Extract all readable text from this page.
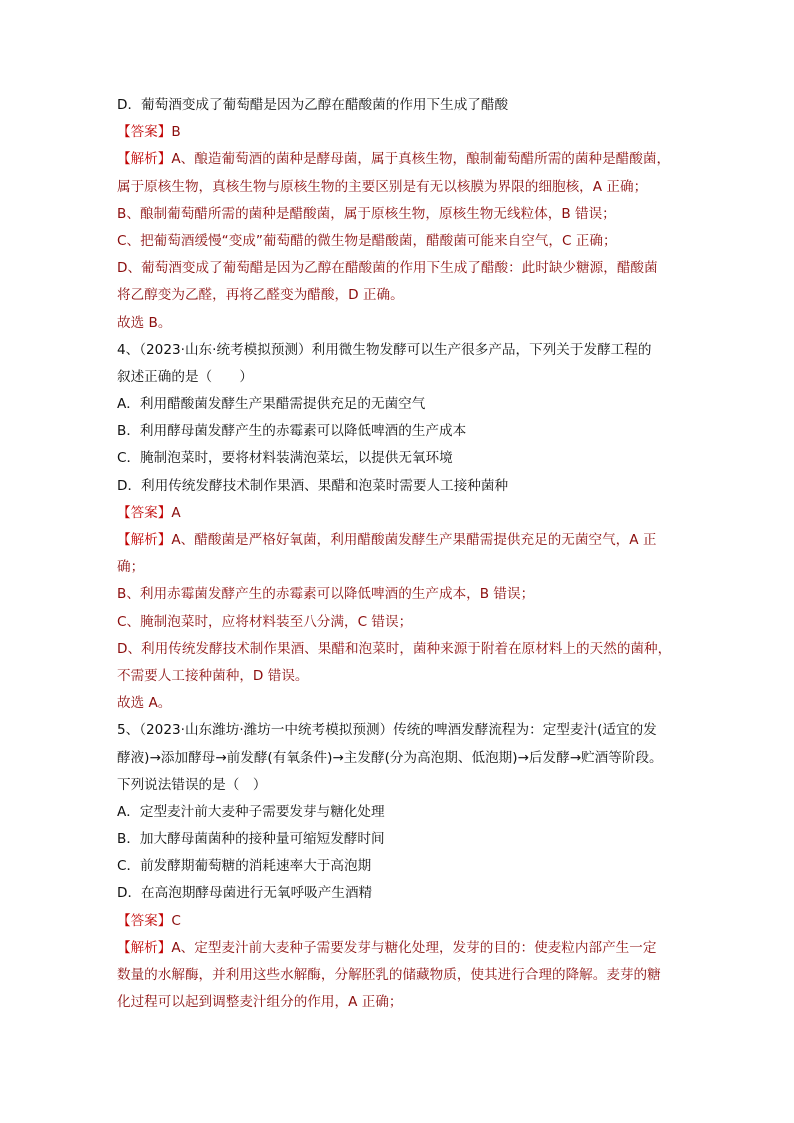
D．葡萄酒变成了葡萄醋是因为乙醇在醋酸菌的作用下生成了醋酸
【答案】B
【解析】A、酿造葡萄酒的菌种是酵母菌，属于真核生物，酿制葡萄醋所需的菌种是醋酸菌，
属于原核生物，真核生物与原核生物的主要区别是有无以核膜为界限的细胞核，A 正确；
B、酿制葡萄醋所需的菌种是醋酸菌，属于原核生物，原核生物无线粒体，B 错误；
C、把葡萄酒缓慢“变成”葡萄醋的微生物是醋酸菌，醋酸菌可能来自空气，C 正确；
D、葡萄酒变成了葡萄醋是因为乙醇在醋酸菌的作用下生成了醋酸：此时缺少糖源，醋酸菌
将乙醇变为乙醛，再将乙醛变为醋酸，D 正确。
故选 B。
4、（2023·山东·统考模拟预测）利用微生物发酵可以生产很多产品，下列关于发酵工程的
叙述正确的是（　　）
A．利用醋酸菌发酵生产果醋需提供充足的无菌空气
B．利用酵母菌发酵产生的赤霉素可以降低啤酒的生产成本
C．腌制泡菜时，要将材料装满泡菜坛，以提供无氧环境
D．利用传统发酵技术制作果酒、果醋和泡菜时需要人工接种菌种
【答案】A
【解析】A、醋酸菌是严格好氧菌，利用醋酸菌发酵生产果醋需提供充足的无菌空气，A 正
确；
B、利用赤霉菌发酵产生的赤霉素可以降低啤酒的生产成本，B 错误；
C、腌制泡菜时，应将材料装至八分满，C 错误；
D、利用传统发酵技术制作果酒、果醋和泡菜时，菌种来源于附着在原材料上的天然的菌种，
不需要人工接种菌种，D 错误。
故选 A。
5、（2023·山东潍坊·潍坊一中统考模拟预测）传统的啤酒发酵流程为：定型麦汁(适宜的发
酵液)→添加酵母→前发酵(有氧条件)→主发酵(分为高泡期、低泡期)→后发酵→贮酒等阶段。
下列说法错误的是（　）
A．定型麦汁前大麦种子需要发芽与糖化处理
B．加大酵母菌菌种的接种量可缩短发酵时间
C．前发酵期葡萄糖的消耗速率大于高泡期
D．在高泡期酵母菌进行无氧呼吸产生酒精
【答案】C
【解析】A、定型麦汁前大麦种子需要发芽与糖化处理，发芽的目的：使麦粒内部产生一定
数量的水解酶，并利用这些水解酶，分解胚乳的储藏物质，使其进行合理的降解。麦芽的糖
化过程可以起到调整麦汁组分的作用，A 正确；
